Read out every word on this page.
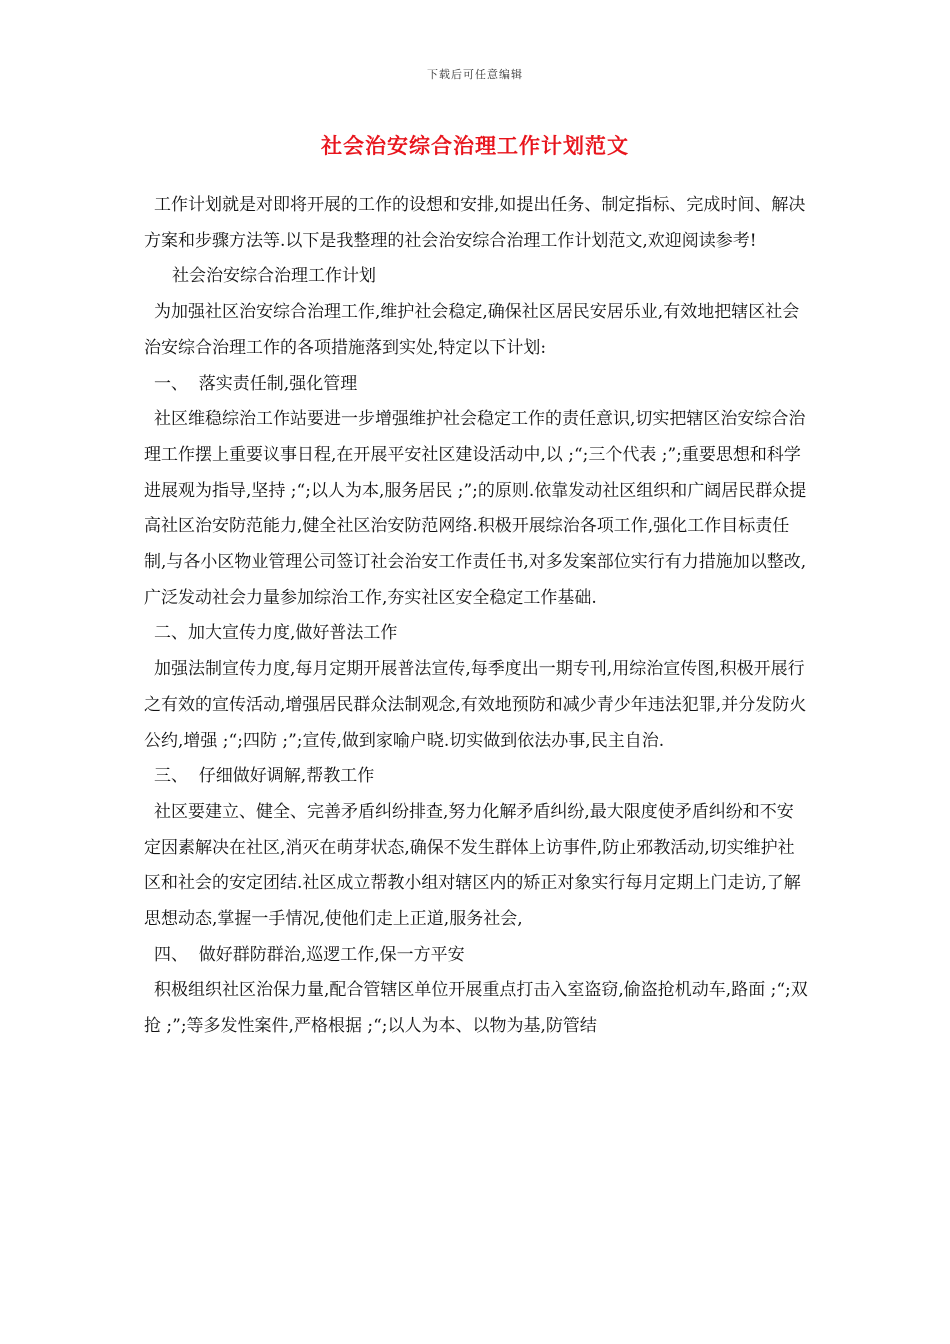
下载后可任意编辑
社会治安综合治理工作计划范文

工作计划就是对即将开展的工作的设想和安排,如提出任务、制定指标、完成时间、解决方案和步骤方法等.以下是我整理的社会治安综合治理工作计划范文,欢迎阅读参考!

社会治安综合治理工作计划

为加强社区治安综合治理工作,维护社会稳定,确保社区居民安居乐业,有效地把辖区社会治安综合治理工作的各项措施落到实处,特定以下计划:

一、  落实责任制,强化管理

社区维稳综治工作站要进一步增强维护社会稳定工作的责任意识,切实把辖区治安综合治理工作摆上重要议事日程,在开展平安社区建设活动中,以 ;“;三个代表 ;”;重要思想和科学进展观为指导,坚持 ;“;以人为本,服务居民 ;”;的原则.依靠发动社区组织和广阔居民群众提高社区治安防范能力,健全社区治安防范网络.积极开展综治各项工作,强化工作目标责任制,与各小区物业管理公司签订社会治安工作责任书,对多发案部位实行有力措施加以整改,广泛发动社会力量参加综治工作,夯实社区安全稳定工作基础.

二、加大宣传力度,做好普法工作

加强法制宣传力度,每月定期开展普法宣传,每季度出一期专刊,用综治宣传图,积极开展行之有效的宣传活动,增强居民群众法制观念,有效地预防和减少青少年违法犯罪,并分发防火公约,增强 ;“;四防 ;”;宣传,做到家喻户晓.切实做到依法办事,民主自治.

三、  仔细做好调解,帮教工作

社区要建立、健全、完善矛盾纠纷排查,努力化解矛盾纠纷,最大限度使矛盾纠纷和不安定因素解决在社区,消灭在萌芽状态,确保不发生群体上访事件,防止邪教活动,切实维护社区和社会的安定团结.社区成立帮教小组对辖区内的矫正对象实行每月定期上门走访,了解思想动态,掌握一手情况,使他们走上正道,服务社会,

四、  做好群防群治,巡逻工作,保一方平安

积极组织社区治保力量,配合管辖区单位开展重点打击入室盗窃,偷盗抢机动车,路面 ;“;双抢 ;”;等多发性案件,严格根据 ;“;以人为本、以物为基,防管结
